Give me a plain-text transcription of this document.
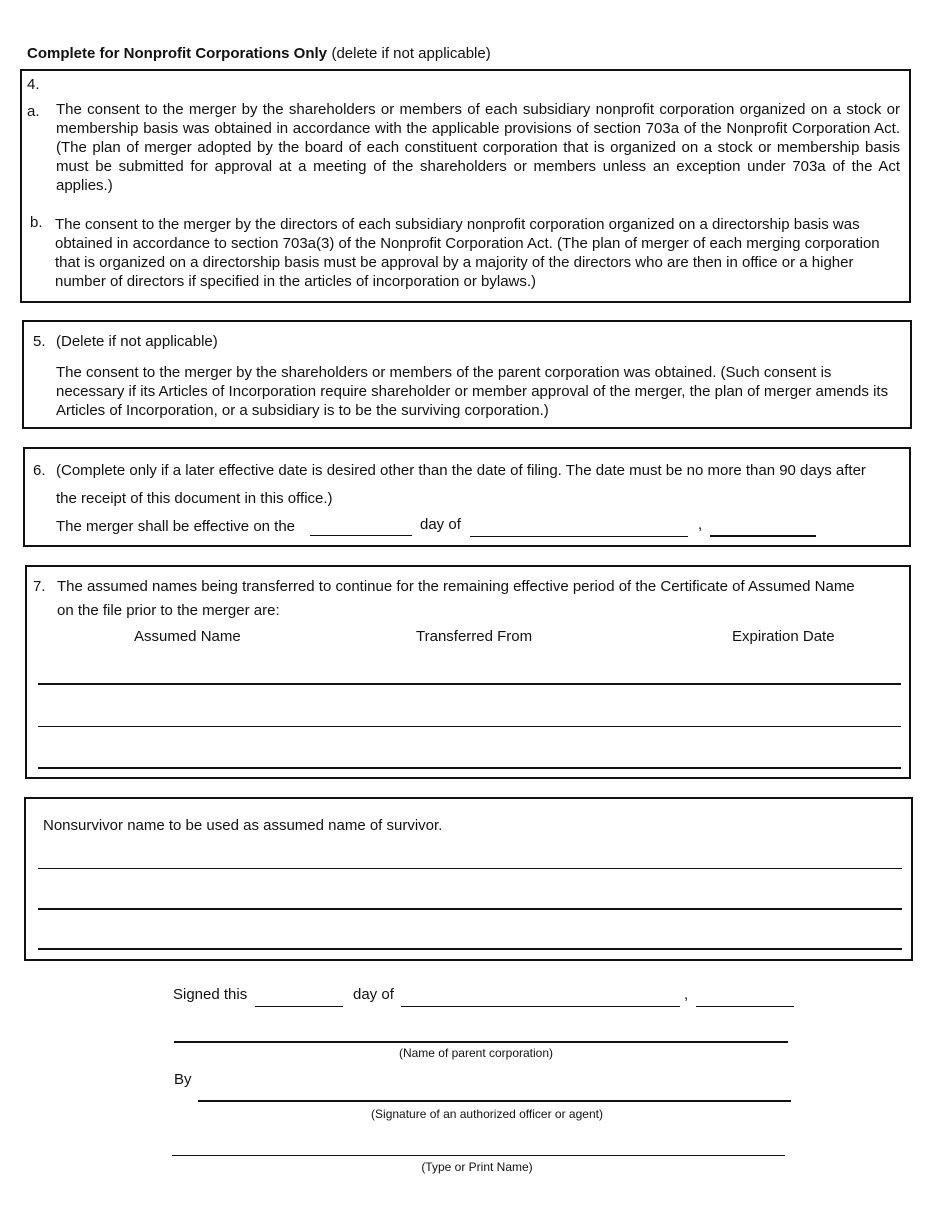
Complete for Nonprofit Corporations Only (delete if not applicable)
4.
a. The consent to the merger by the shareholders or members of each subsidiary nonprofit corporation organized on a stock or membership basis was obtained in accordance with the applicable provisions of section 703a of the Nonprofit Corporation Act. (The plan of merger adopted by the board of each constituent corporation that is organized on a stock or membership basis must be submitted for approval at a meeting of the shareholders or members unless an exception under 703a of the Act applies.)
b. The consent to the merger by the directors of each subsidiary nonprofit corporation organized on a directorship basis was obtained in accordance to section 703a(3) of the Nonprofit Corporation Act. (The plan of merger of each merging corporation that is organized on a directorship basis must be approval by a majority of the directors who are then in office or a higher number of directors if specified in the articles of incorporation or bylaws.)
5. (Delete if not applicable)
The consent to the merger by the shareholders or members of the parent corporation was obtained. (Such consent is necessary if its Articles of Incorporation require shareholder or member approval of the merger, the plan of merger amends its Articles of Incorporation, or a subsidiary is to be the surviving corporation.)
6. (Complete only if a later effective date is desired other than the date of filing. The date must be no more than 90 days after
the receipt of this document in this office.)
The merger shall be effective on the	day of	,
7. The assumed names being transferred to continue for the remaining effective period of the Certificate of Assumed Name
on the file prior to the merger are:
Assumed Name	Transferred From	Expiration Date
Nonsurvivor name to be used as assumed name of survivor.
Signed this	day of	,
(Name of parent corporation)
By
(Signature of an authorized officer or agent)
(Type or Print Name)
